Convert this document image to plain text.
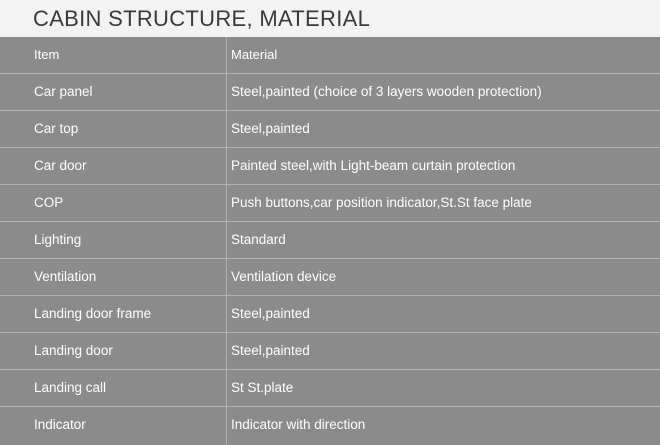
CABIN STRUCTURE, MATERIAL
Item	Material
Car panel	Steel,painted (choice of 3 layers wooden protection)
Car top	Steel,painted
Car door	Painted steel,with Light-beam curtain protection
COP	Push buttons,car position indicator,St.St face plate
Lighting	Standard
Ventilation	Ventilation device
Landing door frame	Steel,painted
Landing door	Steel,painted
Landing call	St St.plate
Indicator	Indicator with direction
